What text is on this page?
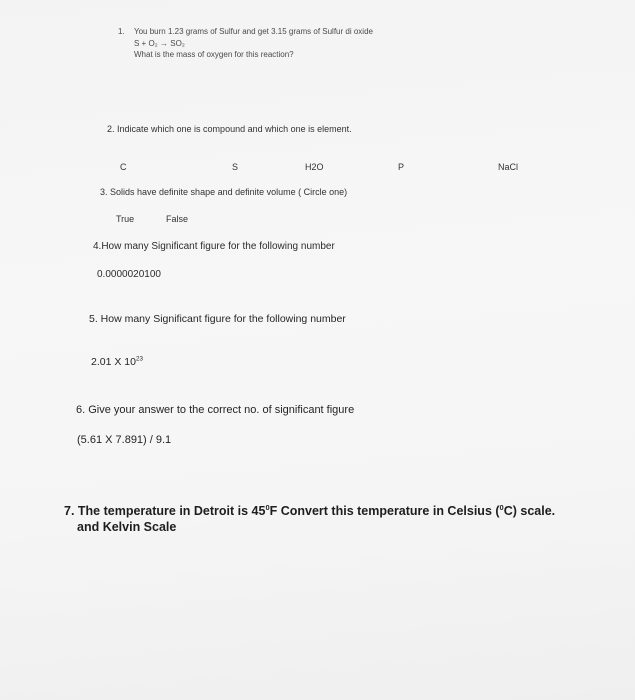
1. You burn 1.23 grams of Sulfur and get 3.15 grams of Sulfur di oxide
S + O₂ → SO₂
What is the mass of oxygen for this reaction?
2. Indicate which one is compound and which one is element.
C	S	H2O	P	NaCl
3. Solids have definite shape and definite volume ( Circle one)
True	False
4.How many Significant figure for the following number
0.0000020100
5. How many Significant figure for the following number
2.01 X $10^{23}$
6. Give your answer to the correct no. of significant figure
(5.61 X 7.891) / 9.1
7. The temperature in Detroit is $45^0F$ Convert this temperature in Celsius ($^0$C) scale.
and Kelvin Scale
